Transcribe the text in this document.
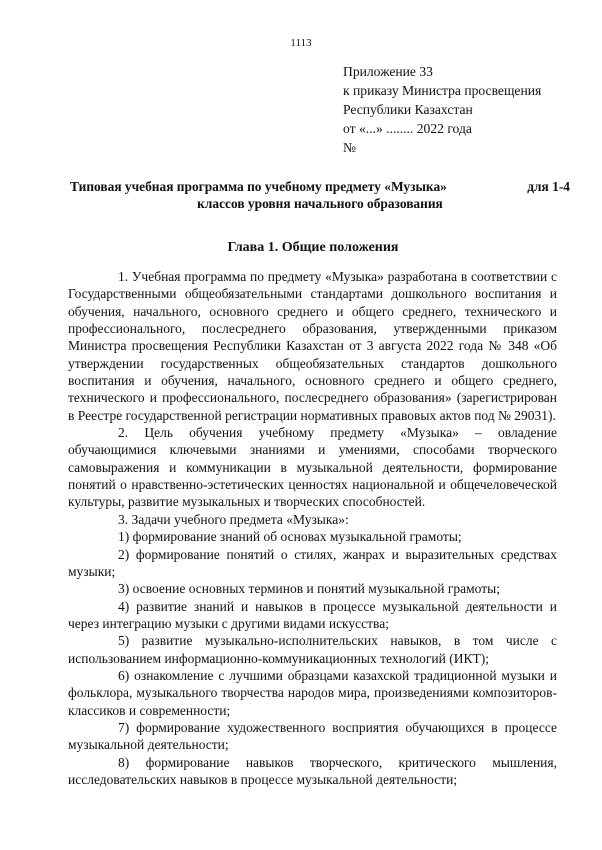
1113
Приложение 33
к приказу Министра просвещения
Республики Казахстан
от «...» ........ 2022 года
№
Типовая учебная программа по учебному предмету «Музыка»	для 1-4
классов уровня начального образования
Глава 1. Общие положения

1. Учебная программа по предмету «Музыка» разработана в соответствии с Государственными общеобязательными стандартами дошкольного воспитания и обучения, начального, основного среднего и общего среднего, технического и профессионального, послесреднего образования, утвержденными приказом Министра просвещения Республики Казахстан от 3 августа 2022 года № 348 «Об утверждении государственных общеобязательных стандартов дошкольного воспитания и обучения, начального, основного среднего и общего среднего, технического и профессионального, послесреднего образования» (зарегистрирован в Реестре государственной регистрации нормативных правовых актов под № 29031).

2. Цель обучения учебному предмету «Музыка» – овладение обучающимися ключевыми знаниями и умениями, способами творческого самовыражения и коммуникации в музыкальной деятельности, формирование понятий о нравственно-эстетических ценностях национальной и общечеловеческой культуры, развитие музыкальных и творческих способностей.

3. Задачи учебного предмета «Музыка»:

1) формирование знаний об основах музыкальной грамоты;

2) формирование понятий о стилях, жанрах и выразительных средствах музыки;

3) освоение основных терминов и понятий музыкальной грамоты;

4) развитие знаний и навыков в процессе музыкальной деятельности и через интеграцию музыки с другими видами искусства;

5) развитие музыкально-исполнительских навыков, в том числе с использованием информационно-коммуникационных технологий (ИКТ);

6) ознакомление с лучшими образцами казахской традиционной музыки и фольклора, музыкального творчества народов мира, произведениями композиторов-классиков и современности;

7) формирование художественного восприятия обучающихся в процессе музыкальной деятельности;

8) формирование навыков творческого, критического мышления, исследовательских навыков в процессе музыкальной деятельности;
